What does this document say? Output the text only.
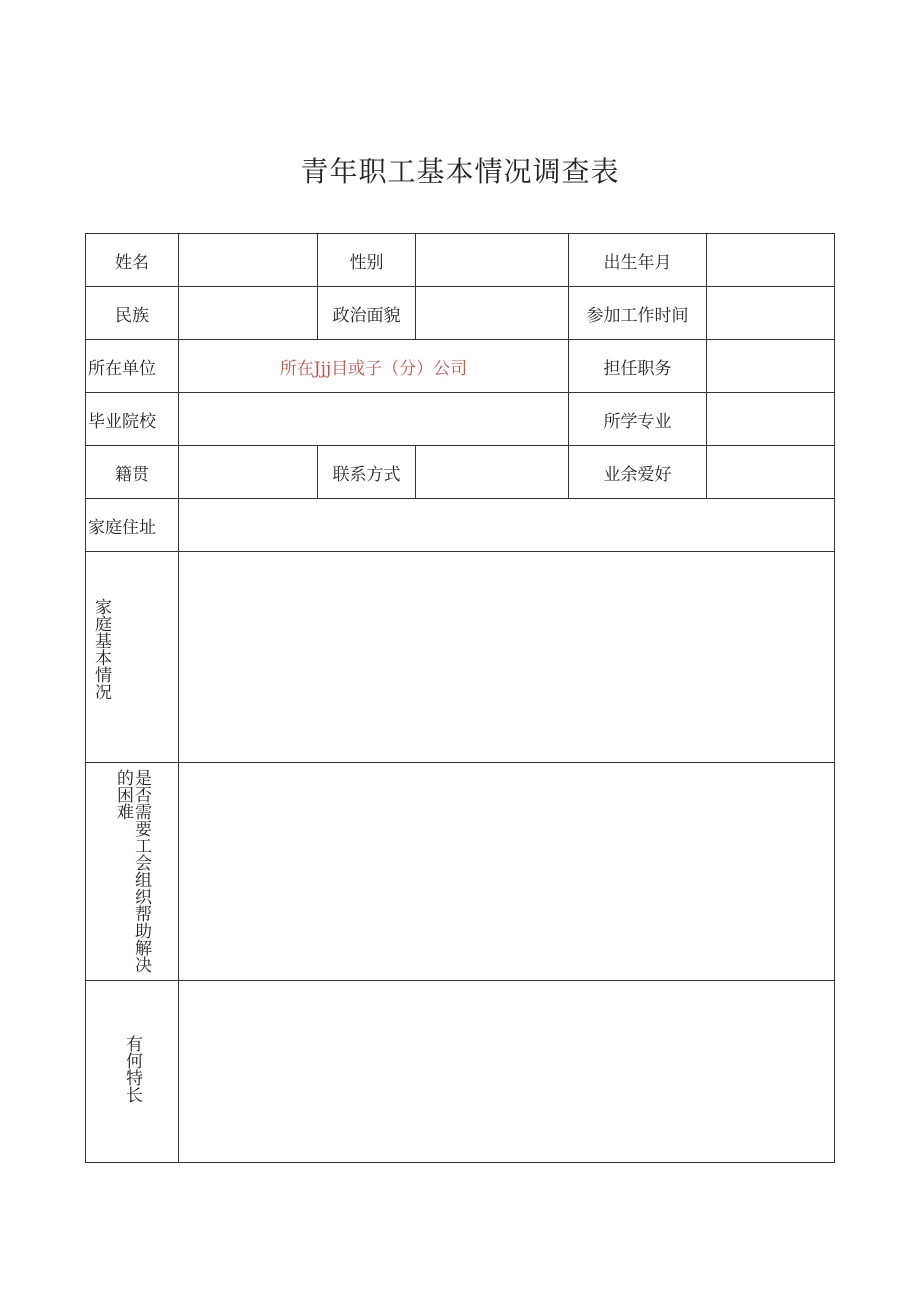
青年职工基本情况调查表
姓名		性别		出生年月	
民族		政治面貌		参加工作时间	
所在单位	所在Jjj目或子（分）公司			担任职务	
毕业院校				所学专业	
籍贯		联系方式		业余爱好	
家庭住址					
家庭基本情况					
是否需要工会组织帮助解决的困难					
有何特长					
